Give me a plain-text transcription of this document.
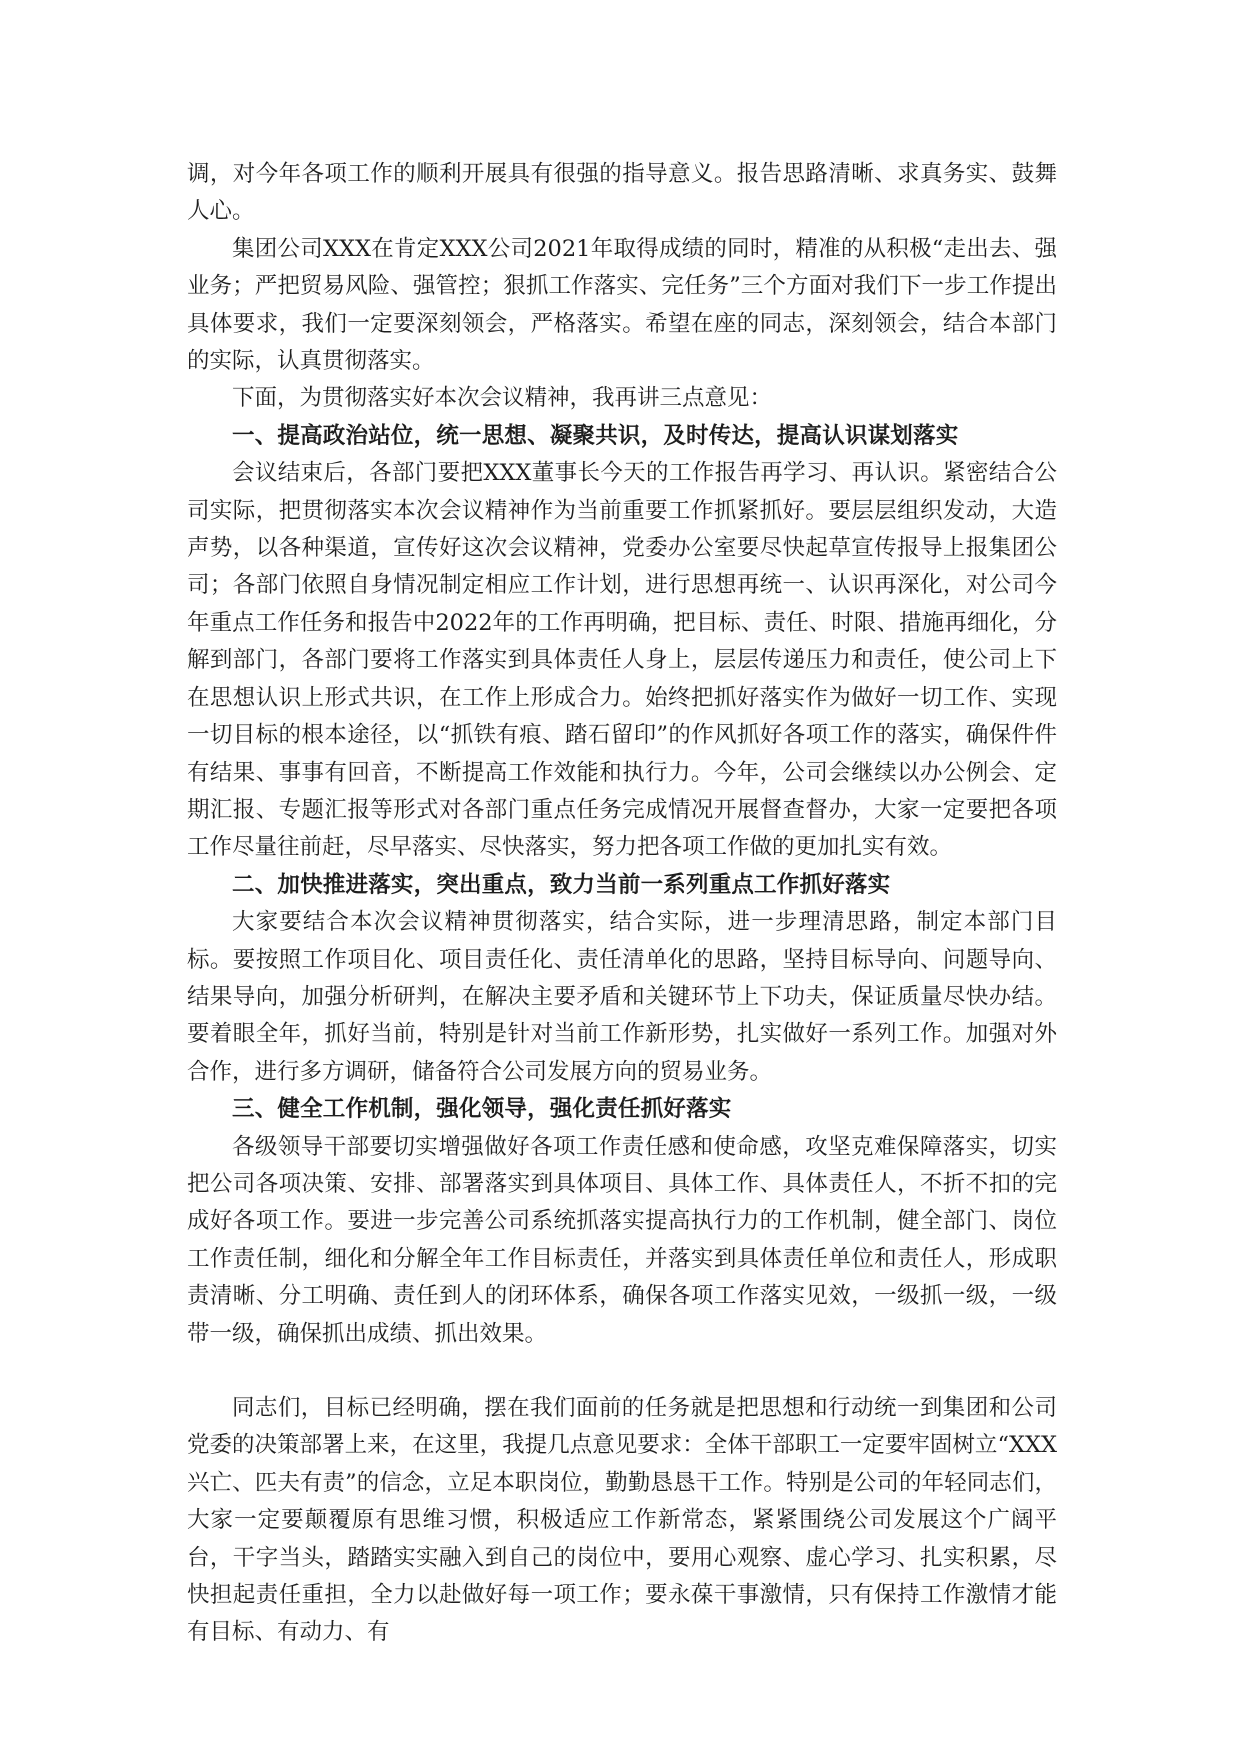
调，对今年各项工作的顺利开展具有很强的指导意义。报告思路清晰、求真务实、鼓舞人心。

集团公司XXX在肯定XXX公司2021年取得成绩的同时，精准的从积极“走出去、强业务；严把贸易风险、强管控；狠抓工作落实、完任务”三个方面对我们下一步工作提出具体要求，我们一定要深刻领会，严格落实。希望在座的同志，深刻领会，结合本部门的实际，认真贯彻落实。

下面，为贯彻落实好本次会议精神，我再讲三点意见：

一、提高政治站位，统一思想、凝聚共识，及时传达，提高认识谋划落实

会议结束后，各部门要把XXX董事长今天的工作报告再学习、再认识。紧密结合公司实际，把贯彻落实本次会议精神作为当前重要工作抓紧抓好。要层层组织发动，大造声势，以各种渠道，宣传好这次会议精神，党委办公室要尽快起草宣传报导上报集团公司；各部门依照自身情况制定相应工作计划，进行思想再统一、认识再深化，对公司今年重点工作任务和报告中2022年的工作再明确，把目标、责任、时限、措施再细化，分解到部门，各部门要将工作落实到具体责任人身上，层层传递压力和责任，使公司上下在思想认识上形式共识，在工作上形成合力。始终把抓好落实作为做好一切工作、实现一切目标的根本途径，以“抓铁有痕、踏石留印”的作风抓好各项工作的落实，确保件件有结果、事事有回音，不断提高工作效能和执行力。今年，公司会继续以办公例会、定期汇报、专题汇报等形式对各部门重点任务完成情况开展督查督办，大家一定要把各项工作尽量往前赶，尽早落实、尽快落实，努力把各项工作做的更加扎实有效。

二、加快推进落实，突出重点，致力当前一系列重点工作抓好落实

大家要结合本次会议精神贯彻落实，结合实际，进一步理清思路，制定本部门目标。要按照工作项目化、项目责任化、责任清单化的思路，坚持目标导向、问题导向、结果导向，加强分析研判，在解决主要矛盾和关键环节上下功夫，保证质量尽快办结。要着眼全年，抓好当前，特别是针对当前工作新形势，扎实做好一系列工作。加强对外合作，进行多方调研，储备符合公司发展方向的贸易业务。

三、健全工作机制，强化领导，强化责任抓好落实

各级领导干部要切实增强做好各项工作责任感和使命感，攻坚克难保障落实，切实把公司各项决策、安排、部署落实到具体项目、具体工作、具体责任人，不折不扣的完成好各项工作。要进一步完善公司系统抓落实提高执行力的工作机制，健全部门、岗位工作责任制，细化和分解全年工作目标责任，并落实到具体责任单位和责任人，形成职责清晰、分工明确、责任到人的闭环体系，确保各项工作落实见效，一级抓一级，一级带一级，确保抓出成绩、抓出效果。

同志们，目标已经明确，摆在我们面前的任务就是把思想和行动统一到集团和公司党委的决策部署上来，在这里，我提几点意见要求：全体干部职工一定要牢固树立“XXX兴亡、匹夫有责”的信念，立足本职岗位，勤勤恳恳干工作。特别是公司的年轻同志们，大家一定要颠覆原有思维习惯，积极适应工作新常态，紧紧围绕公司发展这个广阔平台，干字当头，踏踏实实融入到自己的岗位中，要用心观察、虚心学习、扎实积累，尽快担起责任重担，全力以赴做好每一项工作；要永葆干事激情，只有保持工作激情才能有目标、有动力、有
